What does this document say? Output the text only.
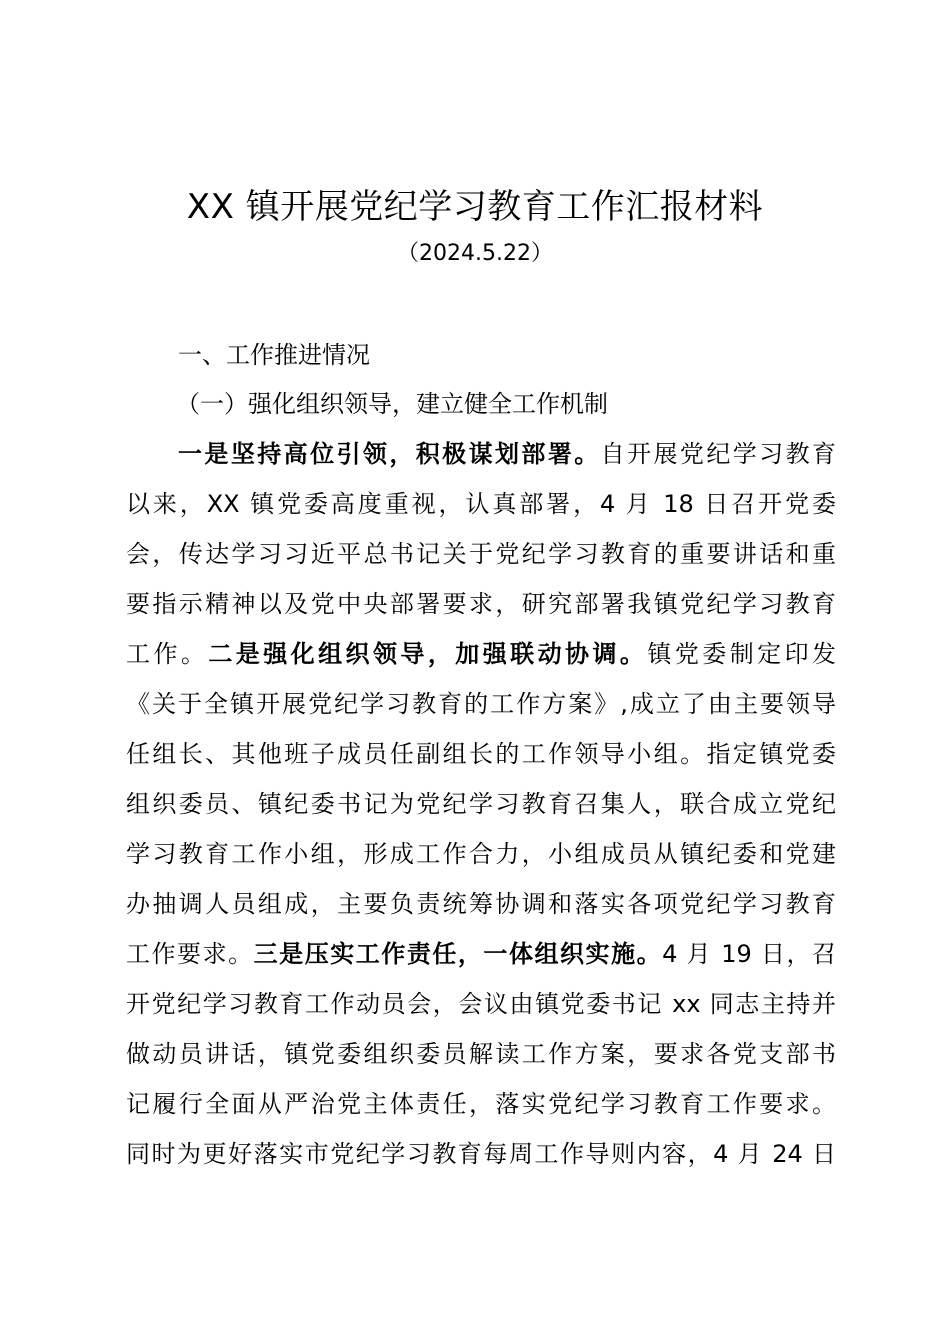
XX 镇开展党纪学习教育工作汇报材料
（2024.5.22）
一、工作推进情况
（一）强化组织领导，建立健全工作机制
一是坚持高位引领，积极谋划部署。自开展党纪学习教育
以来，XX 镇党委高度重视，认真部署，4 月 18 日召开党委
会，传达学习习近平总书记关于党纪学习教育的重要讲话和重
要指示精神以及党中央部署要求，研究部署我镇党纪学习教育
工作。二是强化组织领导，加强联动协调。镇党委制定印发
《关于全镇开展党纪学习教育的工作方案》,成立了由主要领导
任组长、其他班子成员任副组长的工作领导小组。指定镇党委
组织委员、镇纪委书记为党纪学习教育召集人，联合成立党纪
学习教育工作小组，形成工作合力，小组成员从镇纪委和党建
办抽调人员组成，主要负责统筹协调和落实各项党纪学习教育
工作要求。三是压实工作责任，一体组织实施。4 月 19 日，召
开党纪学习教育工作动员会，会议由镇党委书记 xx 同志主持并
做动员讲话，镇党委组织委员解读工作方案，要求各党支部书
记履行全面从严治党主体责任，落实党纪学习教育工作要求。
同时为更好落实市党纪学习教育每周工作导则内容，4 月 24 日
